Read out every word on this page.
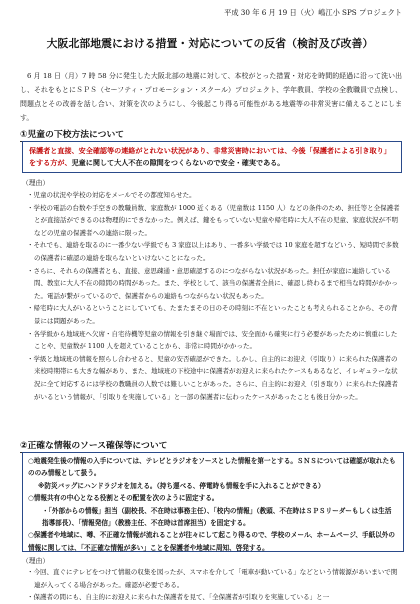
平成 30 年 6 月 19 日（火）嶋江小 SPS プロジェクト
大阪北部地震における措置・対応についての反省（検討及び改善）

6 月 18 日（月）7 時 58 分に発生した大阪北部の地震に対して、本校がとった措置・対応を時間的経過に沿って洗い出し、それをもとにＳＰＳ（セーフティ・プロモーション・スクール）プロジェクト、学年教員、学校の全教職員で点検し、問題点とその改善を話し合い、対策を次のようにし、今後起こり得る可能性がある地震等の非常災害に備えることにします。

①児童の下校方法について
保護者と直接、安全確認等の連絡がとれない状況があり、非常災害時においては、今後「保護者による引き取り」をする方が、児童に関して大人不在の隙間をつくらないので安全・確実である。
（理由）

・児童の状況や学校の対応をメールでその都度知らせた。

・学校の電話の台数や手空きの教職員数、家庭数が 1000 近くある（児童数は 1150 人）などの条件のため、担任等と全保護者とが直接話ができるのは物理的にできなかった。例えば、鍵をもっていない児童や帰宅時に大人不在の児童、家庭状況が不明などの児童の保護者への連絡に限った。

・それでも、連絡を取るのに一番少ない学級でも 3 家庭以上はあり、一番多い学級では 10 家庭を超すなどいう、短時間で多数の保護者に確認の連絡を取らないといけないことになった。

・さらに、それらの保護者とも、直接、意思疎通・意思確認するのにつながらない状況があった。担任が家庭に連絡している間、教室に大人不在の隙間の時間があった。また、学校として、該当の保護者全員に、確認し終わるまで相当な時間がかかった。電話が繋がっているので、保護者からの連絡もつながらない状況もあった。

・帰宅時に大人がいるということにしていても、たまたまその日のその時刻に不在といったことも考えられることから、その背景には問題があった。

・各学級から地域班へ欠席・自宅待機等児童の情報を引き継ぐ場面では、安全面から確実に行う必要があったために慎重にしたことや、児童数が 1100 人を超えていることから、非常に時間がかかった。

・学級と地域班の情報を照らし合わせると、児童の安否確認ができた。しかし、自主的にお迎え（引取り）に来られた保護者の来校時期帯にも大きな幅があり、また、地域班の下校途中に保護者がお迎えに来られたケースもあるなど、イレギュラーな状況に全て対応するには学校の教職員の人数では難しいことがあった。さらに、自主的にお迎え（引き取り）に来られた保護者がいるという情報が、「引取りを実施している」と一部の保護者に伝わったケースがあったことも後日分かった。

②正確な情報のソース確保等について

○地震発生後の情報の入手については、テレビとラジオをソースとした情報を第一とする。ＳＮＳについては確認が取れたもののみ情報として扱う。

※防災バッグにハンドラジオを加える。（持ち運べる、停電時も情報を手に入れることができる）

○情報共有の中心となる役割とその配置を次のように固定する。

・「外部からの情報」担当（副校長、不在時は事務主任）、「校内の情報」（教頭、不在時はＳＰＳリーダーもしくは生活指導部長）、「情報発信」（教務主任、不在時は首席担当）を固定する。

○保護者や地域に、噂、不正確な情報が流れることが往々にして起こり得るので、学校のメール、ホームページ、手紙以外の情報に関しては、「不正確な情報が多い」ことを保護者や地域に周知、啓発する。

（理由）

・今回、直ぐにテレビをつけて情報の収集を図ったが、スマホを介して「電車が動いている」などという情報源があいまいで関連が入ってくる場合があった。確認が必要である。

・保護者の間にも、自主的にお迎えに来られた保護者を見て、「全保護者が引取りを実施している」と一
